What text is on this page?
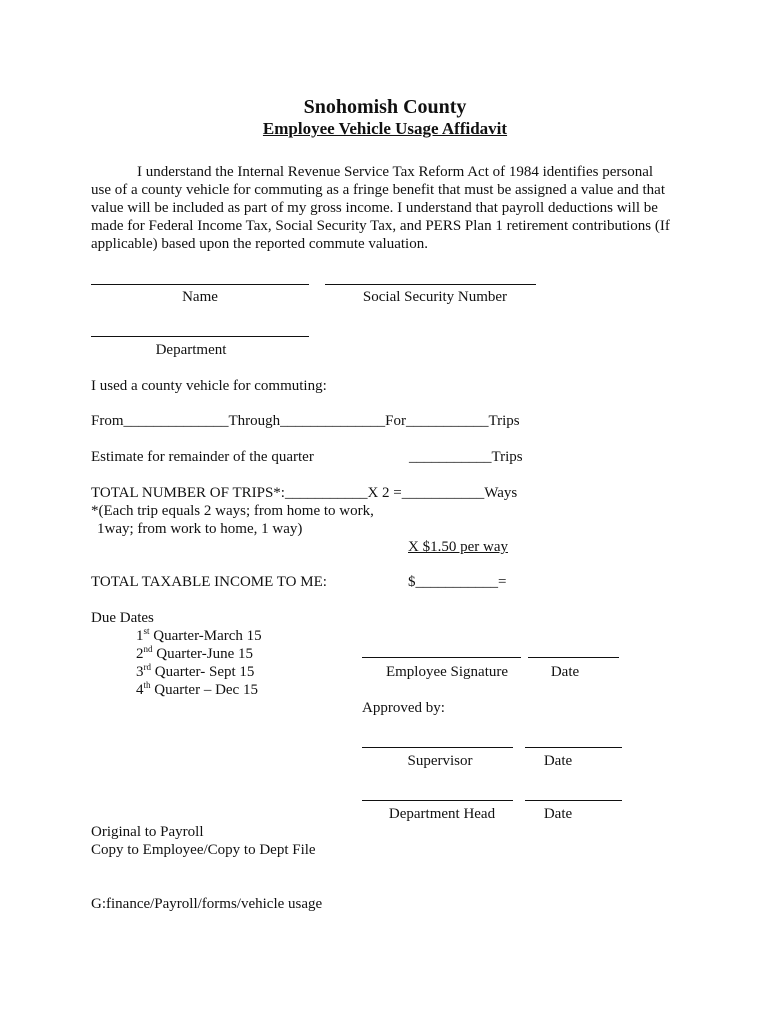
Snohomish County
Employee Vehicle Usage Affidavit
I understand the Internal Revenue Service Tax Reform Act of 1984 identifies personal
use of a county vehicle for commuting as a fringe benefit that must be assigned a value and that
value will be included as part of my gross income. I understand that payroll deductions will be
made for Federal Income Tax, Social Security Tax, and PERS Plan 1 retirement contributions (If
applicable) based upon the reported commute valuation.
Name	Social Security Number
Department
I used a county vehicle for commuting:
From______________Through______________For___________Trips
Estimate for remainder of the quarter	___________Trips
TOTAL NUMBER OF TRIPS*:___________X 2 =___________Ways
*(Each trip equals 2 ways; from home to work,
1way; from work to home, 1 way)
X $1.50 per way
TOTAL TAXABLE INCOME TO ME:	$___________=
Due Dates
1st Quarter-March 15
2nd Quarter-June 15
3rd Quarter- Sept 15
4th Quarter – Dec 15
Employee Signature	Date
Approved by:
Supervisor	Date
Department Head	Date
Original to Payroll
Copy to Employee/Copy to Dept File
G:finance/Payroll/forms/vehicle usage
